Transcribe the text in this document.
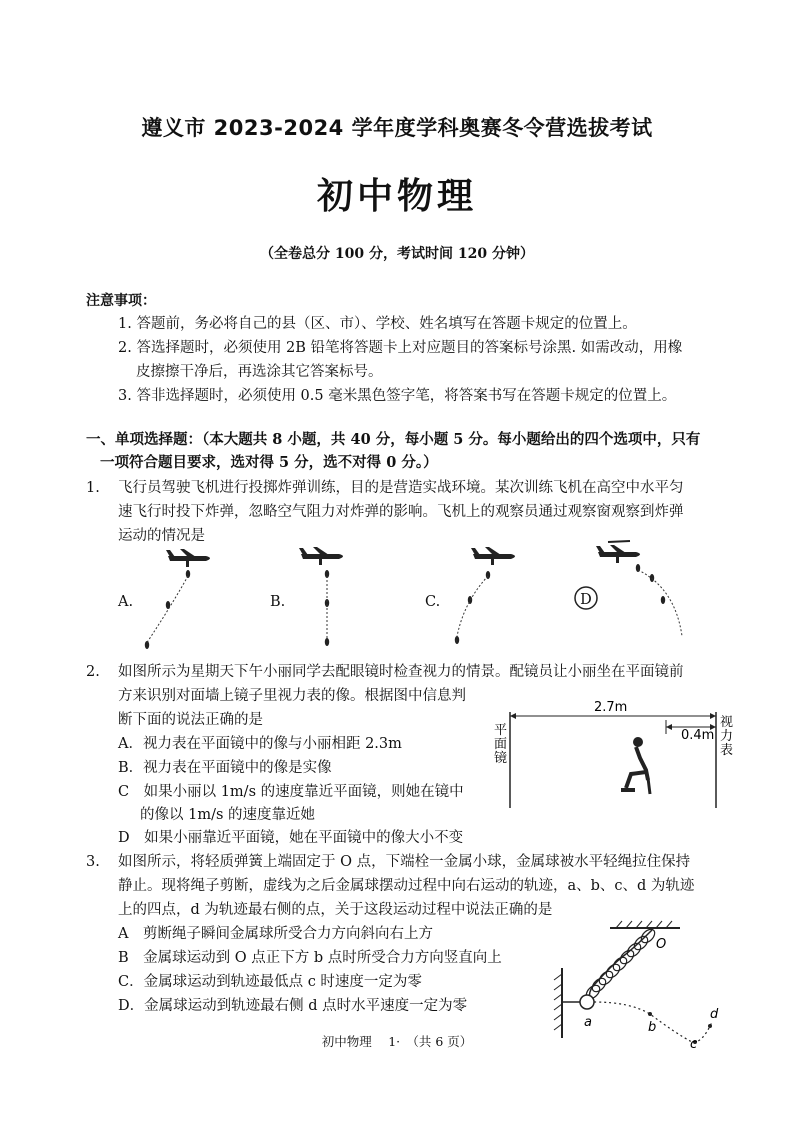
遵义市 2023-2024 学年度学科奥赛冬令营选拔考试
初中物理
（全卷总分 100 分，考试时间 120 分钟）
注意事项：
1. 答题前，务必将自己的县（区、市）、学校、姓名填写在答题卡规定的位置上。
2. 答选择题时，必须使用 2B 铅笔将答题卡上对应题目的答案标号涂黑. 如需改动，用橡
皮擦擦干净后，再选涂其它答案标号。
3. 答非选择题时，必须使用 0.5 毫米黑色签字笔，将答案书写在答题卡规定的位置上。
一、单项选择题：（本大题共 8 小题，共 40 分，每小题 5 分。每小题给出的四个选项中，只有
一项符合题目要求，选对得 5 分，选不对得 0 分。）
1. 飞行员驾驶飞机进行投掷炸弹训练，目的是营造实战环境。某次训练飞机在高空中水平匀
速飞行时投下炸弹，忽略空气阻力对炸弹的影响。飞机上的观察员通过观察窗观察到炸弹
运动的情况是
A.	B.	C.	D
2. 如图所示为星期天下午小丽同学去配眼镜时检查视力的情景。配镜员让小丽坐在平面镜前
方来识别对面墙上镜子里视力表的像。根据图中信息判
断下面的说法正确的是
A．视力表在平面镜中的像与小丽相距 2.3m
B．视力表在平面镜中的像是实像
C　如果小丽以 1m/s 的速度靠近平面镜，则她在镜中
的像以 1m/s 的速度靠近她
D　如果小丽靠近平面镜，她在平面镜中的像大小不变
2.7m
0.4m
平
面
镜
视
力
表
3. 如图所示，将轻质弹簧上端固定于 O 点，下端栓一金属小球，金属球被水平轻绳拉住保持
静止。现将绳子剪断，虚线为之后金属球摆动过程中向右运动的轨迹，a、b、c、d 为轨迹
上的四点，d 为轨迹最右侧的点，关于这段运动过程中说法正确的是
A　剪断绳子瞬间金属球所受合力方向斜向右上方
B　金属球运动到 O 点正下方 b 点时所受合力方向竖直向上
C．金属球运动到轨迹最低点 c 时速度一定为零
D．金属球运动到轨迹最右侧 d 点时水平速度一定为零
O
a	b
c
d
初中物理　 1·　（共 6 页）
